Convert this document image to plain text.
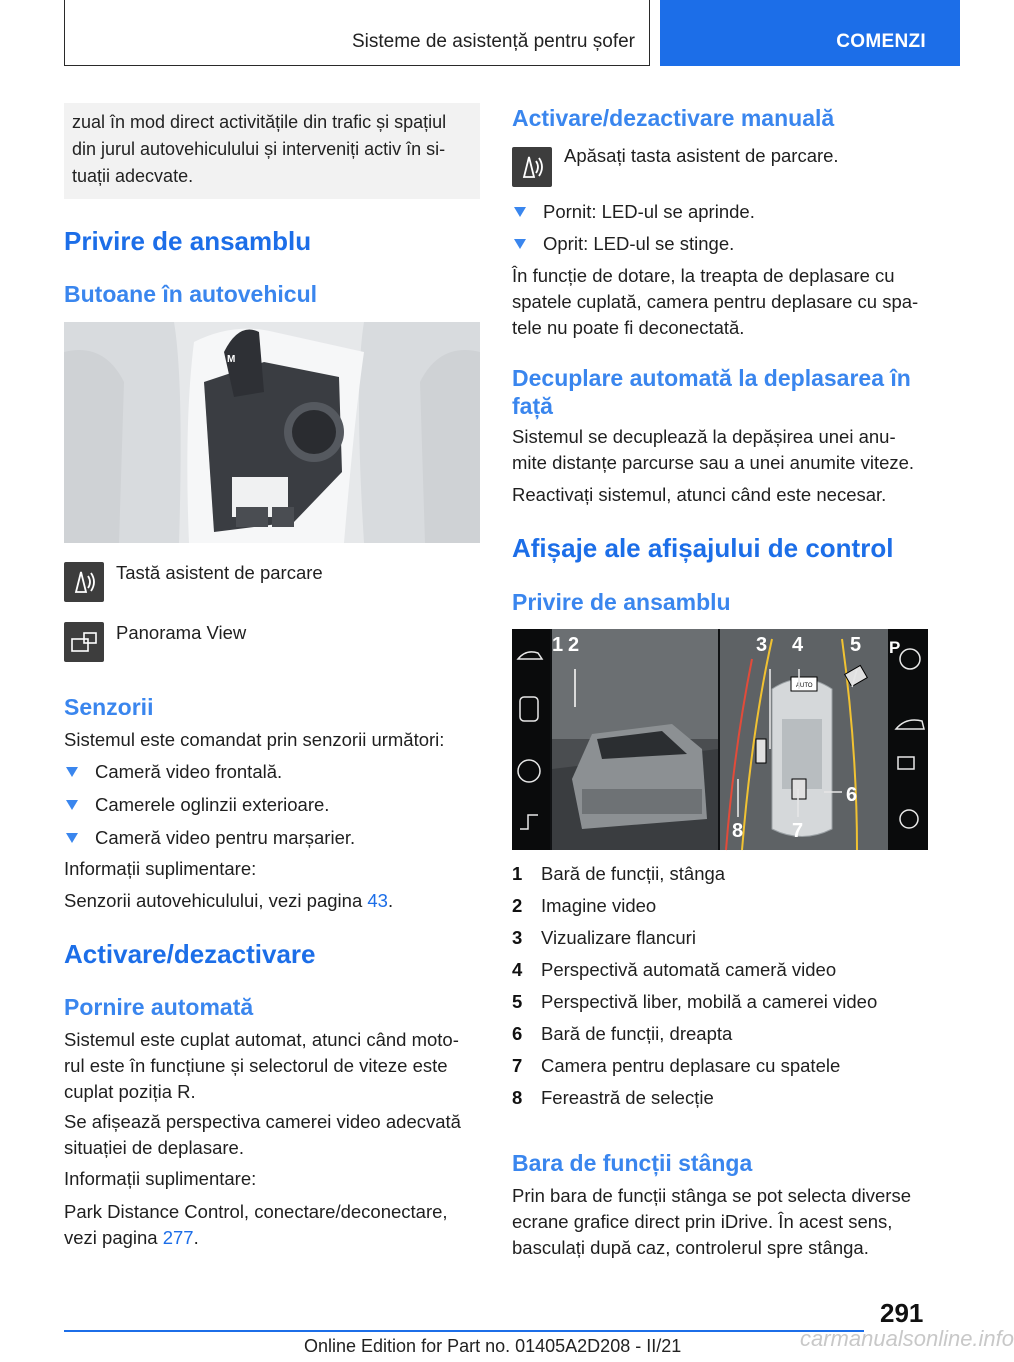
Sisteme de asistență pentru șofer	COMENZI
zual în mod direct activitățile din trafic și spațiul
din jurul autovehiculului și interveniți activ în si-
tuații adecvate.
Privire de ansamblu
Butoane în autovehicul
M
Tastă asistent de parcare
Panorama View
Senzorii
Sistemul este comandat prin senzorii următori:
Cameră video frontală.
Camerele oglinzii exterioare.
Cameră video pentru marșarier.
Informații suplimentare:
Senzorii autovehiculului, vezi pagina 43.
Activare/dezactivare
Pornire automată
Sistemul este cuplat automat, atunci când moto-
rul este în funcțiune și selectorul de viteze este
cuplat poziția R.
Se afișează perspectiva camerei video adecvată
situației de deplasare.
Informații suplimentare:
Park Distance Control, conectare/deconectare,
vezi pagina 277.
Activare/dezactivare manuală
Apăsați tasta asistent de parcare.
Pornit: LED-ul se aprinde.
Oprit: LED-ul se stinge.
În funcție de dotare, la treapta de deplasare cu
spatele cuplată, camera pentru deplasare cu spa-
tele nu poate fi deconectată.
Decuplare automată la deplasarea în
față
Sistemul se decuplează la depășirea unei anu-
mite distanțe parcurse sau a unei anumite viteze.
Reactivați sistemul, atunci când este necesar.
Afișaje ale afișajului de control
Privire de ansamblu
AUTO
P
1 2	3 4 5
6
7
8
1 Bară de funcții, stânga
2 Imagine video
3 Vizualizare flancuri
4 Perspectivă automată cameră video
5 Perspectivă liber, mobilă a camerei video
6 Bară de funcții, dreapta
7 Camera pentru deplasare cu spatele
8 Fereastră de selecție
Bara de funcții stânga
Prin bara de funcții stânga se pot selecta diverse
ecrane grafice direct prin iDrive. În acest sens,
basculați după caz, controlerul spre stânga.
291
Online Edition for Part no. 01405A2D208 - II/21	carmanualsonline.info
